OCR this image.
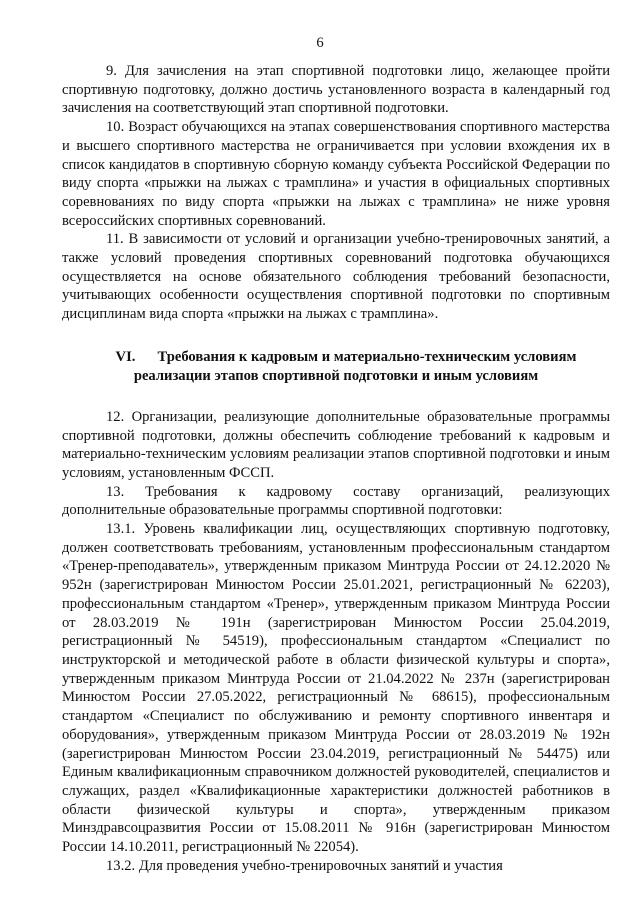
6

9. Для зачисления на этап спортивной подготовки лицо, желающее пройти спортивную подготовку, должно достичь установленного возраста в календарный год зачисления на соответствующий этап спортивной подготовки.

10. Возраст обучающихся на этапах совершенствования спортивного мастерства и высшего спортивного мастерства не ограничивается при условии вхождения их в список кандидатов в спортивную сборную команду субъекта Российской Федерации по виду спорта «прыжки на лыжах с трамплина» и участия в официальных спортивных соревнованиях по виду спорта «прыжки на лыжах с трамплина» не ниже уровня всероссийских спортивных соревнований.

11. В зависимости от условий и организации учебно-тренировочных занятий, а также условий проведения спортивных соревнований подготовка обучающихся осуществляется на основе обязательного соблюдения требований безопасности, учитывающих особенности осуществления спортивной подготовки по спортивным дисциплинам вида спорта «прыжки на лыжах с трамплина».

VI. Требования к кадровым и материально-техническим условиям
реализации этапов спортивной подготовки и иным условиям

12. Организации, реализующие дополнительные образовательные программы спортивной подготовки, должны обеспечить соблюдение требований к кадровым и материально-техническим условиям реализации этапов спортивной подготовки и иным условиям, установленным ФССП.

13. Требования к кадровому составу организаций, реализующих дополнительные образовательные программы спортивной подготовки:

13.1. Уровень квалификации лиц, осуществляющих спортивную подготовку, должен соответствовать требованиям, установленным профессиональным стандартом «Тренер-преподаватель», утвержденным приказом Минтруда России от 24.12.2020 № 952н (зарегистрирован Минюстом России 25.01.2021, регистрационный № 62203), профессиональным стандартом «Тренер», утвержденным приказом Минтруда России от 28.03.2019 № 191н (зарегистрирован Минюстом России 25.04.2019, регистрационный № 54519), профессиональным стандартом «Специалист по инструкторской и методической работе в области физической культуры и спорта», утвержденным приказом Минтруда России от 21.04.2022 № 237н (зарегистрирован Минюстом России 27.05.2022, регистрационный № 68615), профессиональным стандартом «Специалист по обслуживанию и ремонту спортивного инвентаря и оборудования», утвержденным приказом Минтруда России от 28.03.2019 № 192н (зарегистрирован Минюстом России 23.04.2019, регистрационный № 54475) или Единым квалификационным справочником должностей руководителей, специалистов и служащих, раздел «Квалификационные характеристики должностей работников в области физической культуры и спорта», утвержденным приказом Минздравсоцразвития России от 15.08.2011 № 916н (зарегистрирован Минюстом России 14.10.2011, регистрационный № 22054).

13.2. Для проведения учебно-тренировочных занятий и участия
